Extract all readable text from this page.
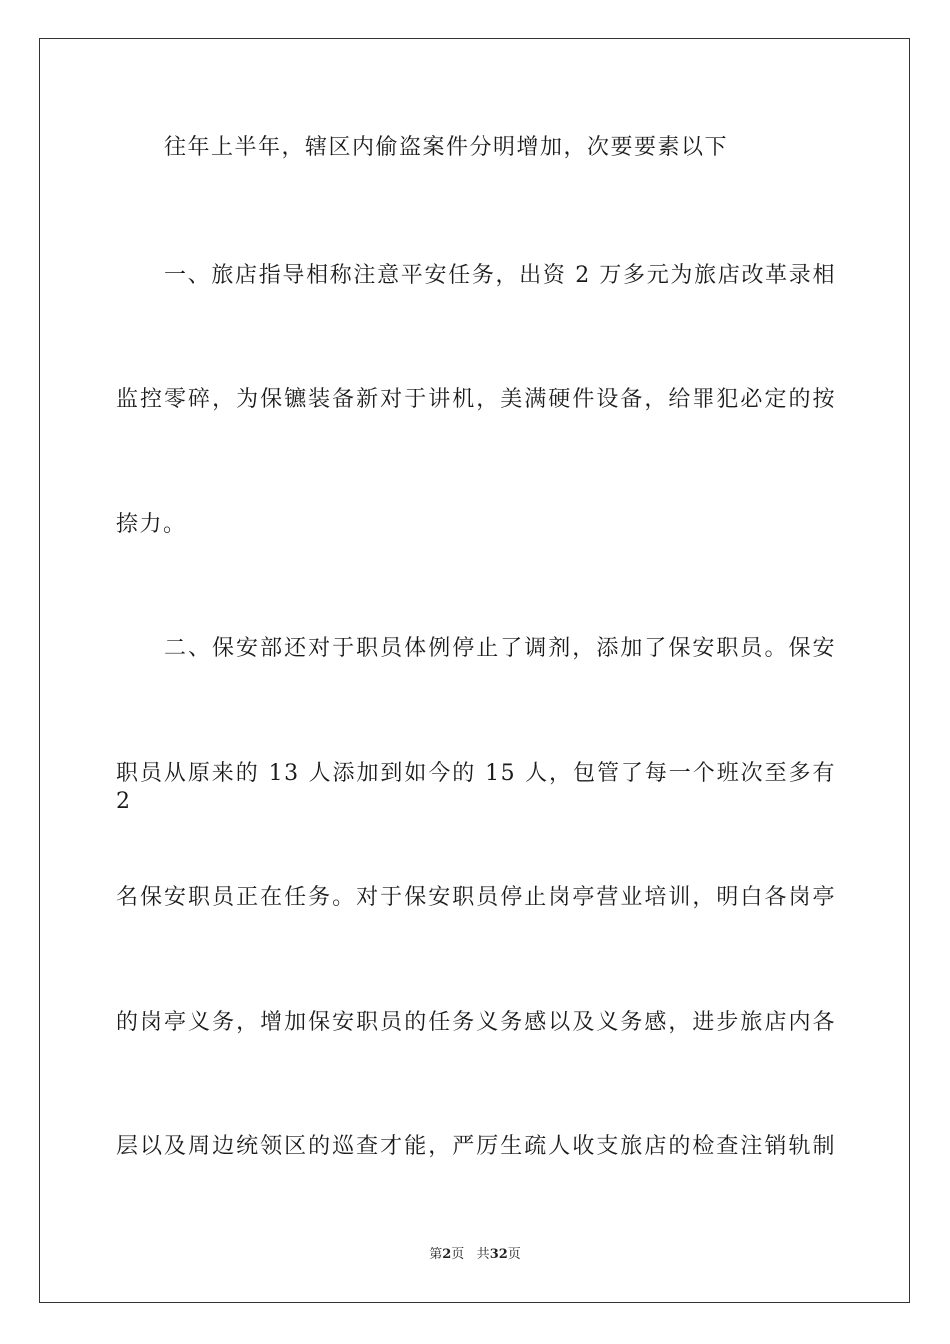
往年上半年，辖区内偷盗案件分明增加，次要要素以下
一、旅店指导相称注意平安任务，出资 2 万多元为旅店改革录相
监控零碎，为保镳装备新对于讲机，美满硬件设备，给罪犯必定的按
捺力。
二、保安部还对于职员体例停止了调剂，添加了保安职员。保安
职员从原来的 13 人添加到如今的 15 人，包管了每一个班次至多有 2
名保安职员正在任务。对于保安职员停止岗亭营业培训，明白各岗亭
的岗亭义务，增加保安职员的任务义务感以及义务感，进步旅店内各
层以及周边统领区的巡查才能，严厉生疏人收支旅店的检查注销轨制
第2页 共32页
